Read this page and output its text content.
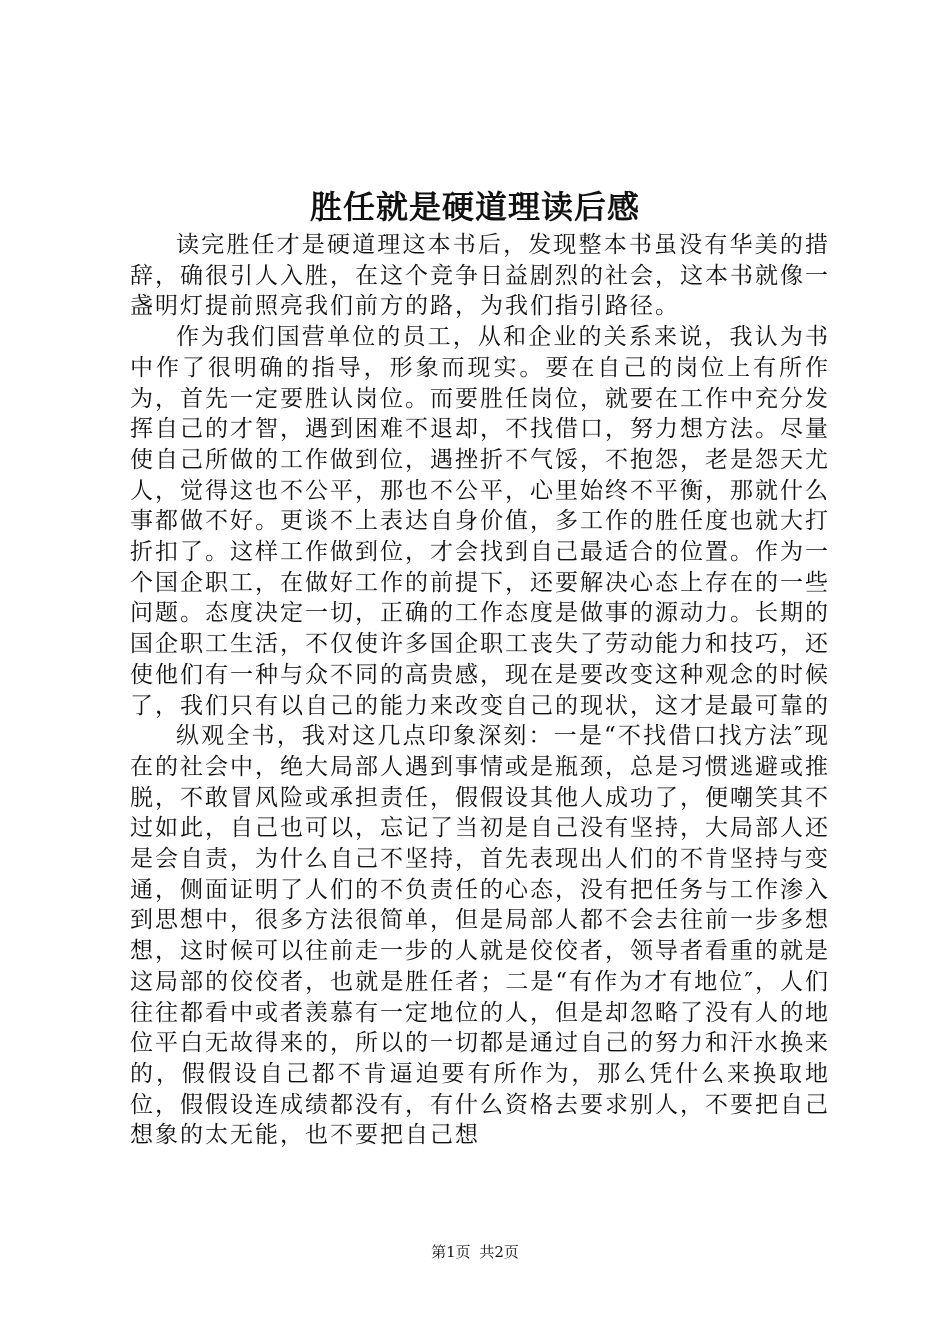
胜任就是硬道理读后感

读完胜任才是硬道理这本书后，发现整本书虽没有华美的措辞，确很引人入胜，在这个竞争日益剧烈的社会，这本书就像一盏明灯提前照亮我们前方的路，为我们指引路径。

作为我们国营单位的员工，从和企业的关系来说，我认为书中作了很明确的指导，形象而现实。要在自己的岗位上有所作为，首先一定要胜认岗位。而要胜任岗位，就要在工作中充分发挥自己的才智，遇到困难不退却，不找借口，努力想方法。尽量使自己所做的工作做到位，遇挫折不气馁，不抱怨，老是怨天尤人，觉得这也不公平，那也不公平，心里始终不平衡，那就什么事都做不好。更谈不上表达自身价值，多工作的胜任度也就大打折扣了。这样工作做到位，才会找到自己最适合的位置。作为一个国企职工，在做好工作的前提下，还要解决心态上存在的一些问题。态度决定一切，正确的工作态度是做事的源动力。长期的国企职工生活，不仅使许多国企职工丧失了劳动能力和技巧，还使他们有一种与众不同的高贵感，现在是要改变这种观念的时候了，我们只有以自己的能力来改变自己的现状，这才是最可靠的

纵观全书，我对这几点印象深刻：一是“不找借口找方法″现在的社会中，绝大局部人遇到事情或是瓶颈，总是习惯逃避或推脱，不敢冒风险或承担责任，假假设其他人成功了，便嘲笑其不过如此，自己也可以，忘记了当初是自己没有坚持，大局部人还是会自责，为什么自己不坚持，首先表现出人们的不肯坚持与变通，侧面证明了人们的不负责任的心态，没有把任务与工作渗入到思想中，很多方法很简单，但是局部人都不会去往前一步多想想，这时候可以往前走一步的人就是佼佼者，领导者看重的就是这局部的佼佼者，也就是胜任者；二是“有作为才有地位″，人们往往都看中或者羡慕有一定地位的人，但是却忽略了没有人的地位平白无故得来的，所以的一切都是通过自己的努力和汗水换来的，假假设自己都不肯逼迫要有所作为，那么凭什么来换取地位，假假设连成绩都没有，有什么资格去要求别人，不要把自己想象的太无能，也不要把自己想

第1页 共2页
